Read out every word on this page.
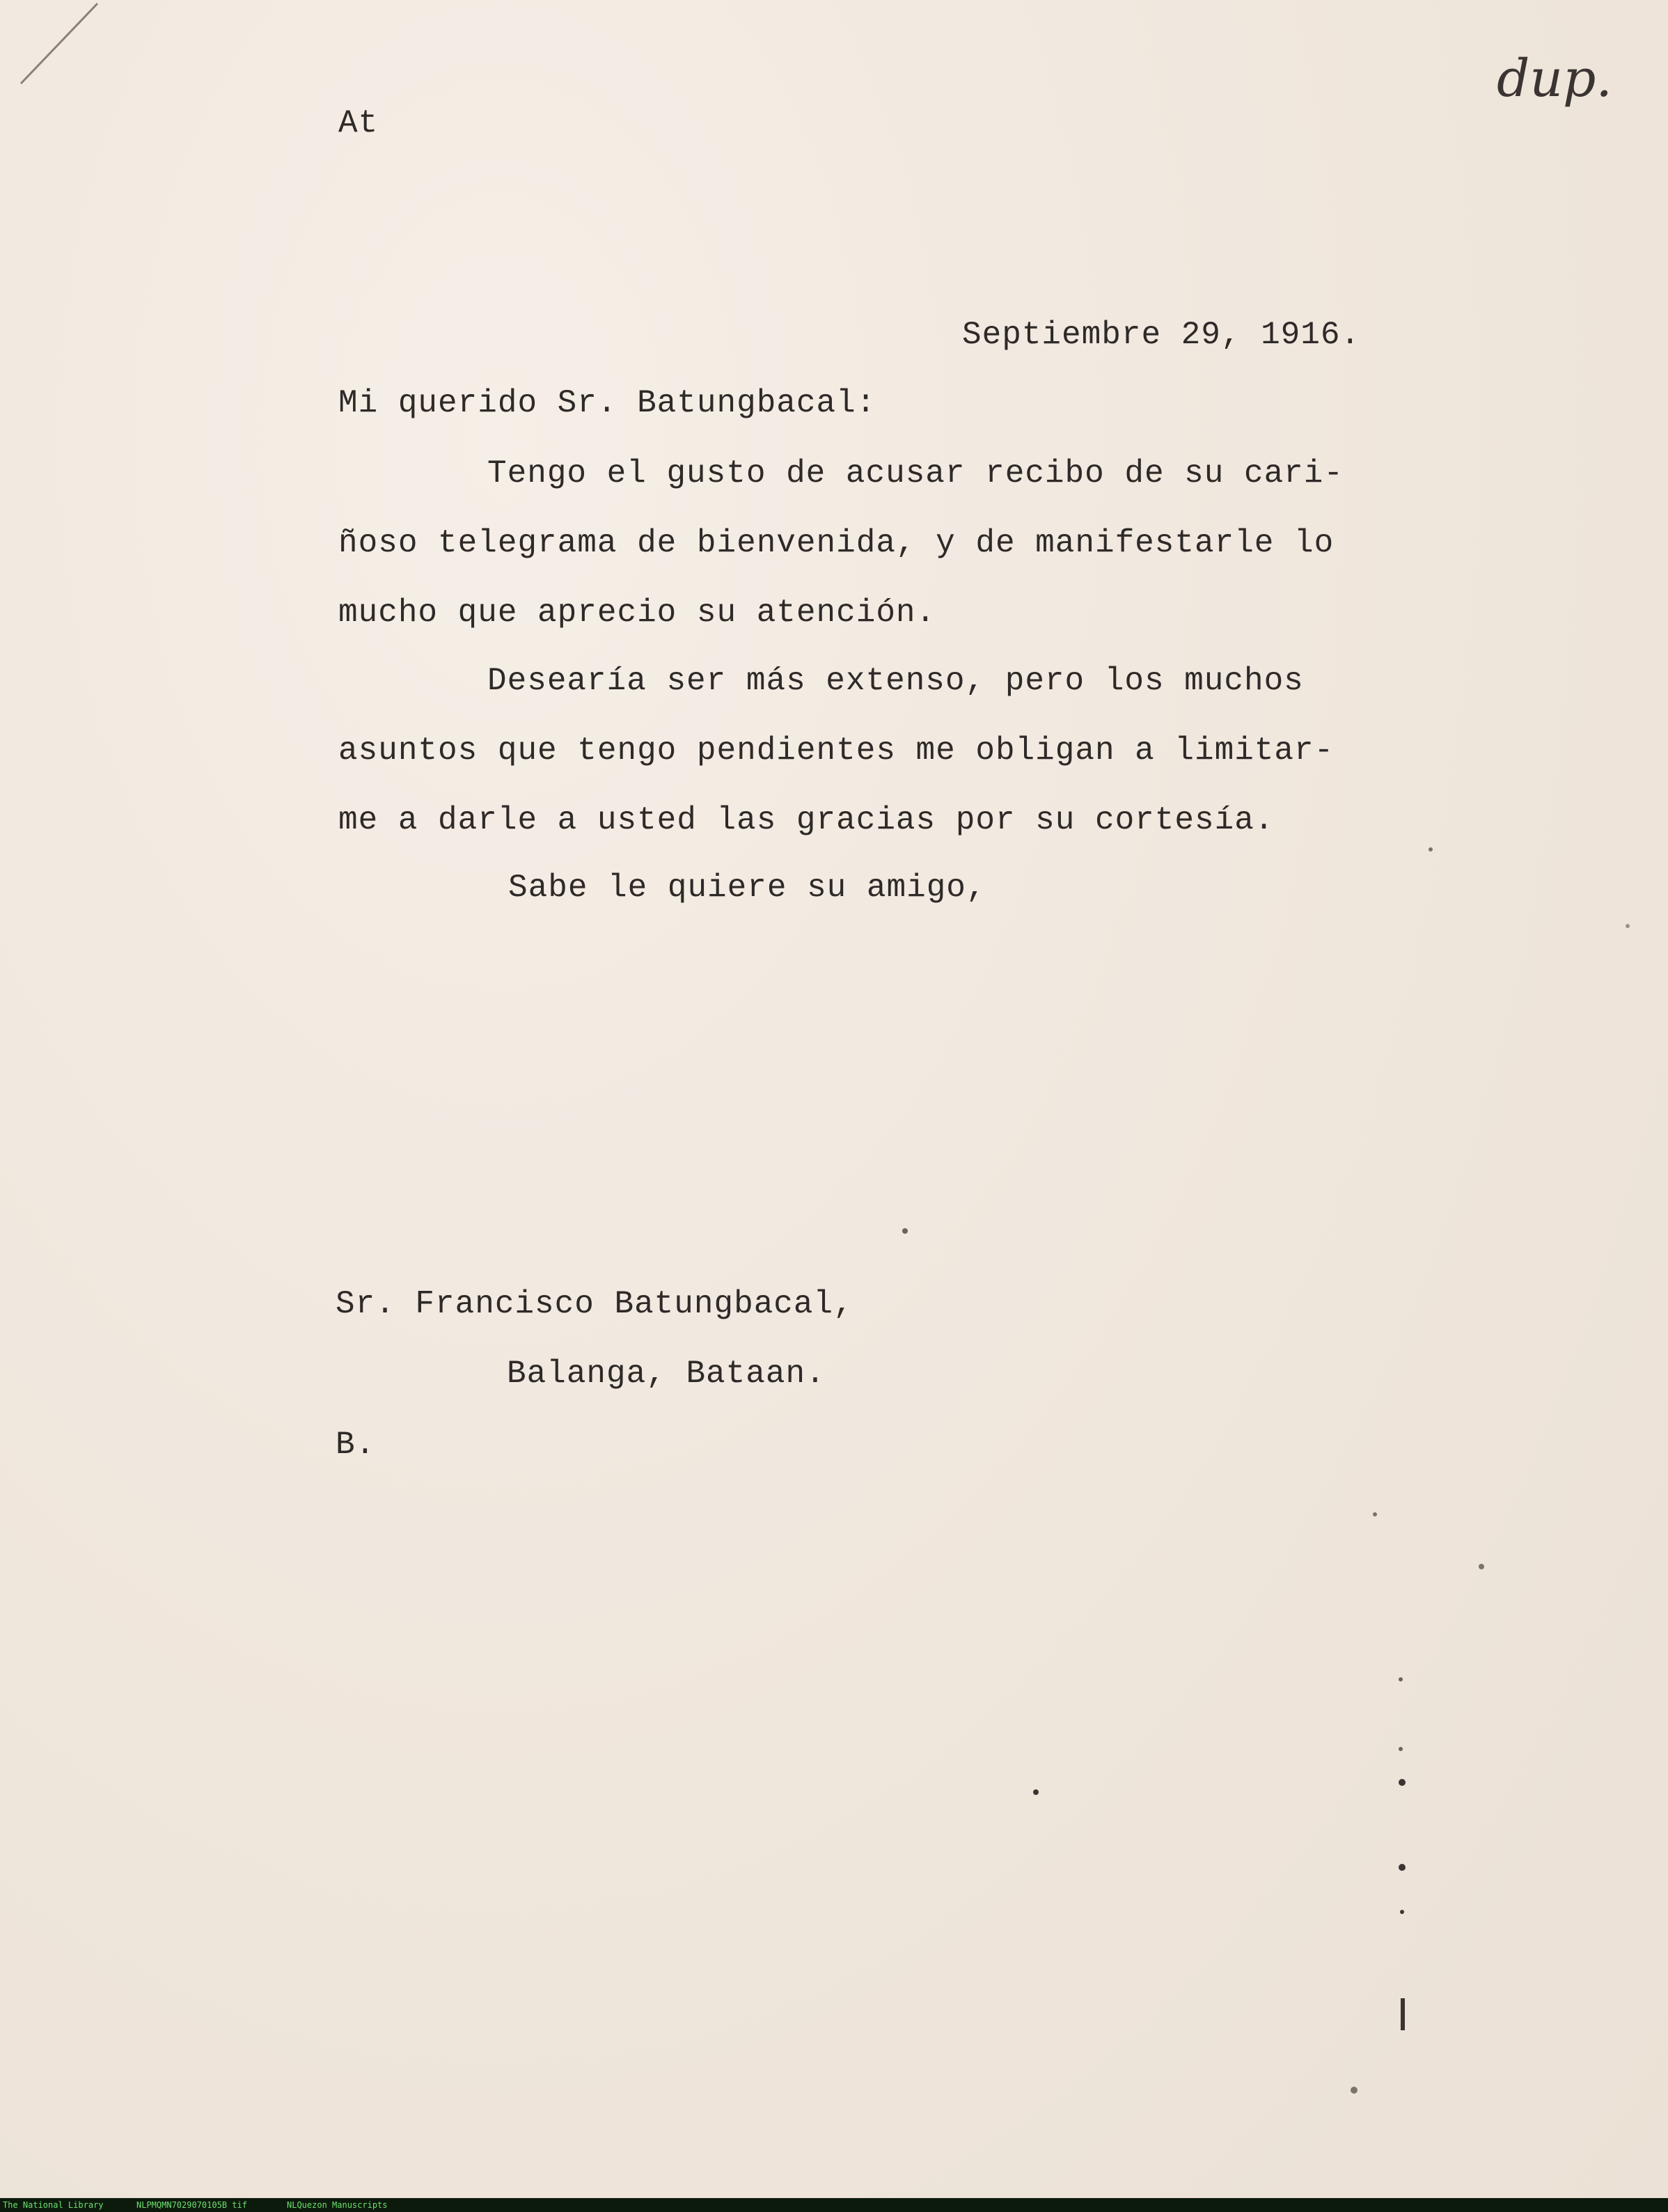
dup.
At
Septiembre 29, 1916.
Mi querido Sr. Batungbacal:
Tengo el gusto de acusar recibo de su cari-
ñoso telegrama de bienvenida, y de manifestarle lo
mucho que aprecio su atención.
Desearía ser más extenso, pero los muchos
asuntos que tengo pendientes me obligan a limitar-
me a darle a usted las gracias por su cortesía.
Sabe le quiere su amigo,
Sr. Francisco Batungbacal,
Balanga, Bataan.
B.
The National Library	NLPMQMN7029070105B tif	NLQuezon Manuscripts
